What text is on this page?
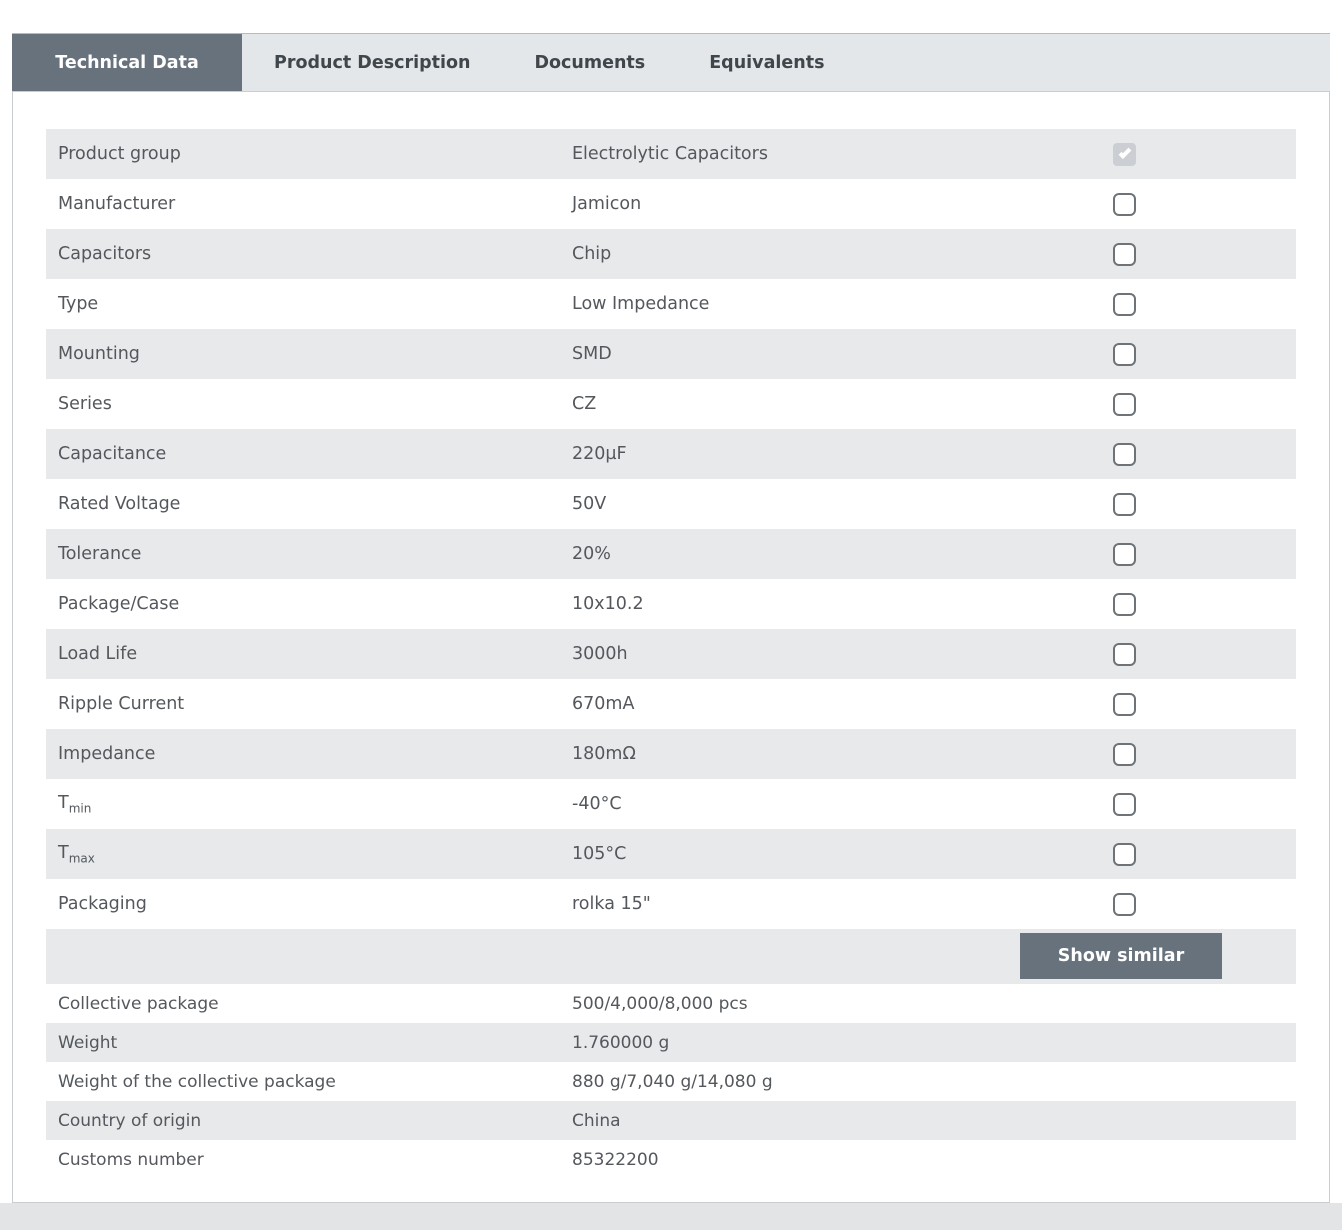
Technical Data	Product Description	Documents	Equivalents
Product group	Electrolytic Capacitors
Manufacturer	Jamicon
Capacitors	Chip
Type	Low Impedance
Mounting	SMD
Series	CZ
Capacitance	220µF
Rated Voltage	50V
Tolerance	20%
Package/Case	10x10.2
Load Life	3000h
Ripple Current	670mA
Impedance	180mΩ
$T_{min}$	-40°C
$T_{max}$	105°C
Packaging	rolka 15"
Show similar
Collective package	500/4,000/8,000 pcs
Weight	1.760000 g
Weight of the collective package	880 g/7,040 g/14,080 g
Country of origin	China
Customs number	85322200
